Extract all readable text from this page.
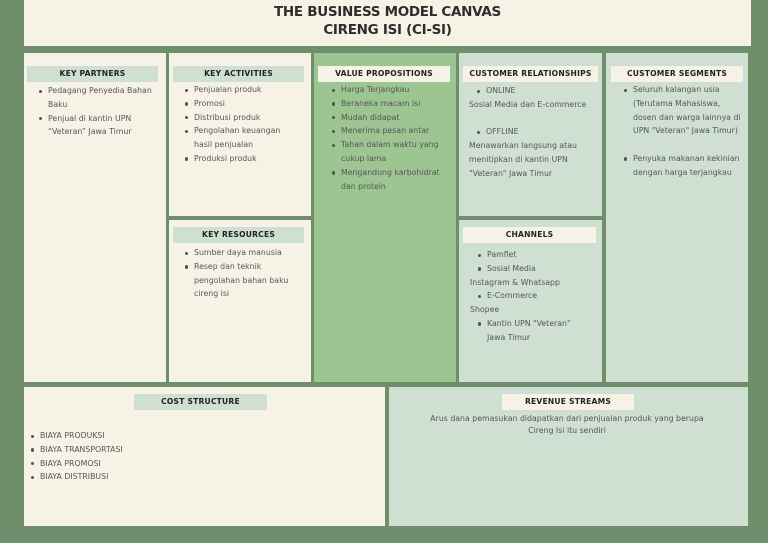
THE BUSINESS MODEL CANVAS
CIRENG ISI (CI-SI)
KEY PARTNERS
Pedagang Penyedia Bahan Baku
Penjual di kantin UPN “Veteran” Jawa Timur
KEY ACTIVITIES
Penjualan produk
Promosi
Distribusi produk
Pengolahan keuangan hasil penjualan
Produksi produk
KEY RESOURCES
Sumber daya manusia
Resep dan teknik pengolahan bahan baku cireng isi
VALUE PROPOSITIONS
Harga Terjangkau
Beraneka macam isi
Mudah didapat
Menerima pesan antar
Tahan dalam waktu yang cukup lama
Mengandung karbohidrat dan protein
CUSTOMER RELATIONSHIPS
ONLINE
Sosial Media dan E-commerce
OFFLINE
Menawarkan langsung atau menitipkan di kantin UPN "Veteran" Jawa Timur
CHANNELS
Pamflet
Sosial Media
Instagram & Whatsapp
E-Commerce
Shopee
Kantin UPN "Veteran" Jawa Timur
CUSTOMER SEGMENTS
Seluruh kalangan usia (Terutama Mahasiswa, dosen dan warga lainnya di UPN "Veteran" Jawa Timur)
Penyuka makanan kekinian dengan harga terjangkau
COST STRUCTURE
BIAYA PRODUKSI
BIAYA TRANSPORTASI
BIAYA PROMOSI
BIAYA DISTRIBUSI
REVENUE STREAMS
Arus dana pemasukan didapatkan dari penjualan produk yang berupa Cireng Isi itu sendiri
